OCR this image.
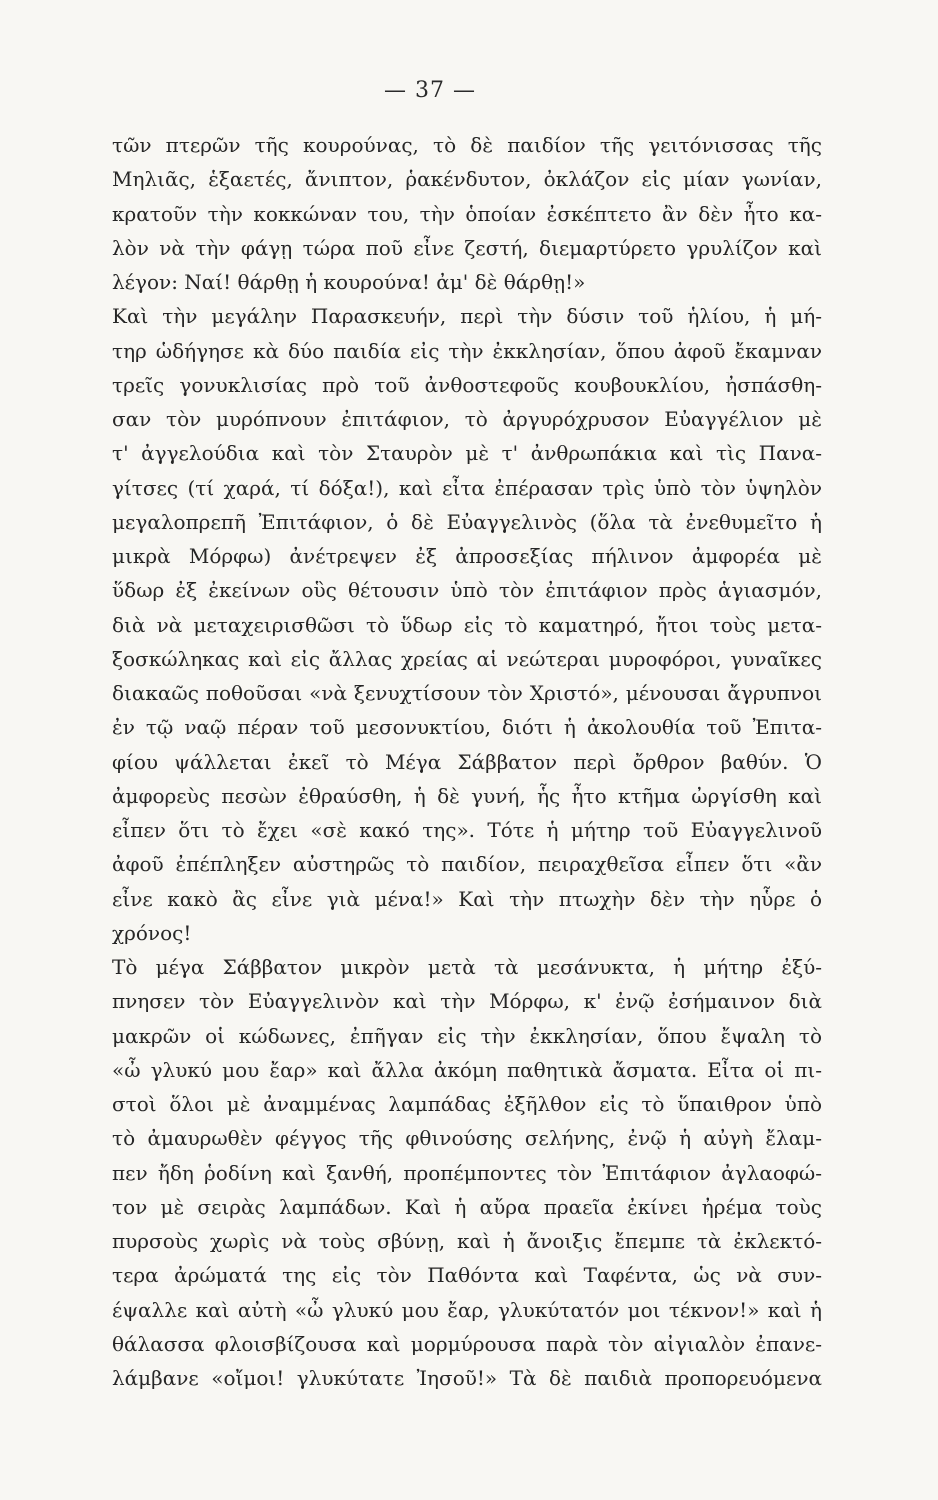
— 37 —
τῶν πτερῶν τῆς κουρούνας, τὸ δὲ παιδίον τῆς γειτόνισσας τῆς
Μηλιᾶς, ἑξαετές, ἄνιπτον, ῥακένδυτον, ὀκλάζον εἰς μίαν γωνίαν,
κρατοῦν τὴν κοκκώναν του, τὴν ὁποίαν ἐσκέπτετο ἂν δὲν ἦτο κα-
λὸν νὰ τὴν φάγῃ τώρα ποῦ εἶνε ζεστή, διεμαρτύρετο γρυλίζον καὶ
λέγον: Ναί! θάρθῃ ἡ κουρούνα! ἀμ' δὲ θάρθῃ!»
Καὶ τὴν μεγάλην Παρασκευήν, περὶ τὴν δύσιν τοῦ ἡλίου, ἡ μή-
τηρ ὡδήγησε κὰ δύο παιδία εἰς τὴν ἐκκλησίαν, ὅπου ἀφοῦ ἔκαμναν
τρεῖς γονυκλισίας πρὸ τοῦ ἀνθοστεφοῦς κουβουκλίου, ἠσπάσθη-
σαν τὸν μυρόπνουν ἐπιτάφιον, τὸ ἀργυρόχρυσον Εὐαγγέλιον μὲ
τ' ἀγγελούδια καὶ τὸν Σταυρὸν μὲ τ' ἀνθρωπάκια καὶ τὶς Πανα-
γίτσες (τί χαρά, τί δόξα!), καὶ εἶτα ἐπέρασαν τρὶς ὑπὸ τὸν ὑψηλὸν
μεγαλοπρεπῆ Ἐπιτάφιον, ὁ δὲ Εὐαγγελινὸς (ὅλα τὰ ἐνεθυμεῖτο ἡ
μικρὰ Μόρφω) ἀνέτρεψεν ἐξ ἀπροσεξίας πήλινον ἀμφορέα μὲ
ὕδωρ ἐξ ἐκείνων οὓς θέτουσιν ὑπὸ τὸν ἐπιτάφιον πρὸς ἁγιασμόν,
διὰ νὰ μεταχειρισθῶσι τὸ ὕδωρ εἰς τὸ καματηρό, ἤτοι τοὺς μετα-
ξοσκώληκας καὶ εἰς ἄλλας χρείας αἱ νεώτεραι μυροφόροι, γυναῖκες
διακαῶς ποθοῦσαι «νὰ ξενυχτίσουν τὸν Χριστό», μένουσαι ἄγρυπνοι
ἐν τῷ ναῷ πέραν τοῦ μεσονυκτίου, διότι ἡ ἀκολουθία τοῦ Ἐπιτα-
φίου ψάλλεται ἐκεῖ τὸ Μέγα Σάββατον περὶ ὄρθρον βαθύν. Ὁ
ἀμφορεὺς πεσὼν ἐθραύσθη, ἡ δὲ γυνή, ἧς ἦτο κτῆμα ὠργίσθη καὶ
εἶπεν ὅτι τὸ ἔχει «σὲ κακό της». Τότε ἡ μήτηρ τοῦ Εὐαγγελινοῦ
ἀφοῦ ἐπέπληξεν αὐστηρῶς τὸ παιδίον, πειραχθεῖσα εἶπεν ὅτι «ἂν
εἶνε κακὸ ἂς εἶνε γιὰ μένα!» Καὶ τὴν πτωχὴν δὲν τὴν ηὗρε ὁ
χρόνος!
Τὸ μέγα Σάββατον μικρὸν μετὰ τὰ μεσάνυκτα, ἡ μήτηρ ἐξύ-
πνησεν τὸν Εὐαγγελινὸν καὶ τὴν Μόρφω, κ' ἐνῷ ἐσήμαινον διὰ
μακρῶν οἱ κώδωνες, ἐπῆγαν εἰς τὴν ἐκκλησίαν, ὅπου ἔψαλη τὸ
«ὦ γλυκύ μου ἔαρ» καὶ ἄλλα ἀκόμη παθητικὰ ἄσματα. Εἶτα οἱ πι-
στοὶ ὅλοι μὲ ἀναμμένας λαμπάδας ἐξῆλθον εἰς τὸ ὕπαιθρον ὑπὸ
τὸ ἀμαυρωθὲν φέγγος τῆς φθινούσης σελήνης, ἐνῷ ἡ αὐγὴ ἔλαμ-
πεν ἤδη ῥοδίνη καὶ ξανθή, προπέμποντες τὸν Ἐπιτάφιον ἀγλαοφώ-
τον μὲ σειρὰς λαμπάδων. Καὶ ἡ αὔρα πραεῖα ἐκίνει ἠρέμα τοὺς
πυρσοὺς χωρὶς νὰ τοὺς σβύνῃ, καὶ ἡ ἄνοιξις ἔπεμπε τὰ ἐκλεκτό-
τερα ἀρώματά της εἰς τὸν Παθόντα καὶ Ταφέντα, ὡς νὰ συν-
έψαλλε καὶ αὐτὴ «ὦ γλυκύ μου ἔαρ, γλυκύτατόν μοι τέκνον!» καὶ ἡ
θάλασσα φλοισβίζουσα καὶ μορμύρουσα παρὰ τὸν αἰγιαλὸν ἐπανε-
λάμβανε «οἴμοι! γλυκύτατε Ἰησοῦ!» Τὰ δὲ παιδιὰ προπορευόμενα
